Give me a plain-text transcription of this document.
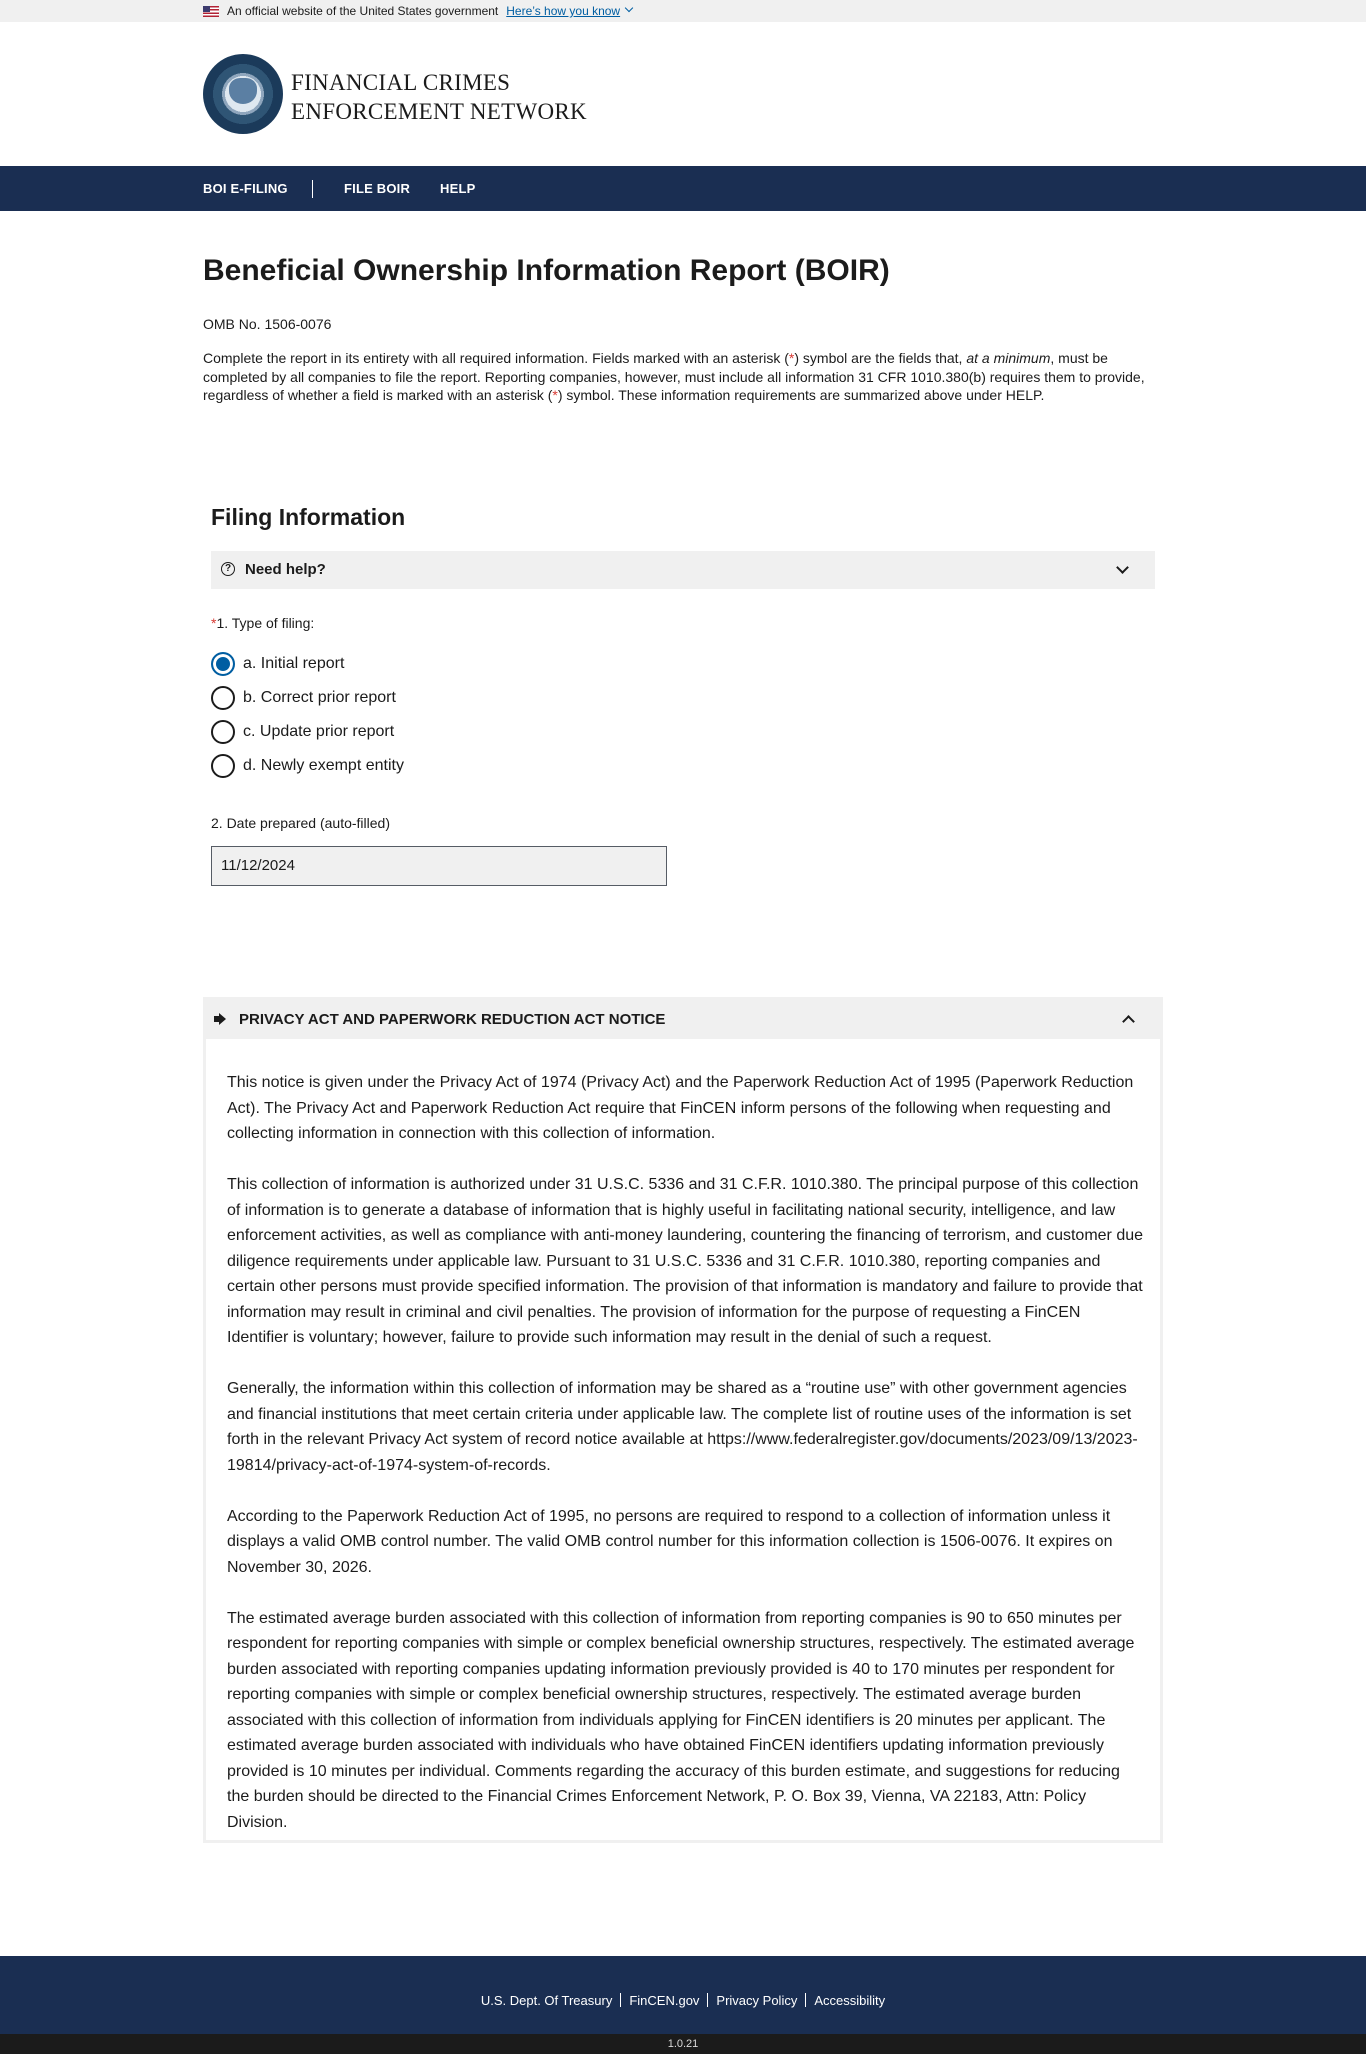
An official website of the United States government Here’s how you know
FINANCIAL CRIMES
ENFORCEMENT NETWORK
BOI E-FILING	FILE BOIR HELP
Beneficial Ownership Information Report (BOIR)
OMB No. 1506-0076
Complete the report in its entirety with all required information. Fields marked with an asterisk (*) symbol are the fields that, at a minimum, must be completed by all companies to file the report. Reporting companies, however, must include all information 31 CFR 1010.380(b) requires them to provide, regardless of whether a field is marked with an asterisk (*) symbol. These information requirements are summarized above under HELP.
Filing Information
? Need help?
*1. Type of filing:
a. Initial report
b. Correct prior report
c. Update prior report
d. Newly exempt entity
2. Date prepared (auto-filled)
11/12/2024
PRIVACY ACT AND PAPERWORK REDUCTION ACT NOTICE

This notice is given under the Privacy Act of 1974 (Privacy Act) and the Paperwork Reduction Act of 1995 (Paperwork Reduction Act). The Privacy Act and Paperwork Reduction Act require that FinCEN inform persons of the following when requesting and collecting information in connection with this collection of information.

This collection of information is authorized under 31 U.S.C. 5336 and 31 C.F.R. 1010.380. The principal purpose of this collection of information is to generate a database of information that is highly useful in facilitating national security, intelligence, and law enforcement activities, as well as compliance with anti-money laundering, countering the financing of terrorism, and customer due diligence requirements under applicable law. Pursuant to 31 U.S.C. 5336 and 31 C.F.R. 1010.380, reporting companies and certain other persons must provide specified information. The provision of that information is mandatory and failure to provide that information may result in criminal and civil penalties. The provision of information for the purpose of requesting a FinCEN Identifier is voluntary; however, failure to provide such information may result in the denial of such a request.

Generally, the information within this collection of information may be shared as a “routine use” with other government agencies and financial institutions that meet certain criteria under applicable law. The complete list of routine uses of the information is set forth in the relevant Privacy Act system of record notice available at https://www.federalregister.gov/documents/2023/09/13/2023-19814/privacy-act-of-1974-system-of-records.

According to the Paperwork Reduction Act of 1995, no persons are required to respond to a collection of information unless it displays a valid OMB control number. The valid OMB control number for this information collection is 1506-0076. It expires on November 30, 2026.

The estimated average burden associated with this collection of information from reporting companies is 90 to 650 minutes per respondent for reporting companies with simple or complex beneficial ownership structures, respectively. The estimated average burden associated with reporting companies updating information previously provided is 40 to 170 minutes per respondent for reporting companies with simple or complex beneficial ownership structures, respectively. The estimated average burden associated with this collection of information from individuals applying for FinCEN identifiers is 20 minutes per applicant. The estimated average burden associated with individuals who have obtained FinCEN identifiers updating information previously provided is 10 minutes per individual. Comments regarding the accuracy of this burden estimate, and suggestions for reducing the burden should be directed to the Financial Crimes Enforcement Network, P. O. Box 39, Vienna, VA 22183, Attn: Policy Division.

U.S. Dept. Of Treasury FinCEN.gov Privacy Policy Accessibility
1.0.21
